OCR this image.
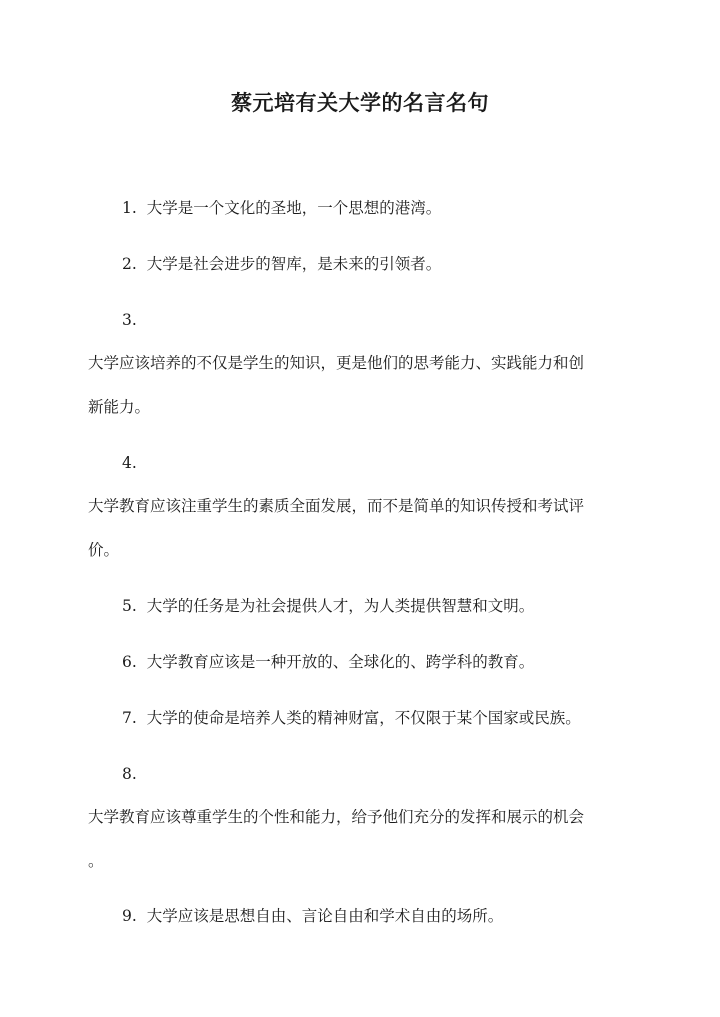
蔡元培有关大学的名言名句
1. 大学是一个文化的圣地，一个思想的港湾。
2. 大学是社会进步的智库，是未来的引领者。
3.
大学应该培养的不仅是学生的知识，更是他们的思考能力、实践能力和创
新能力。
4.
大学教育应该注重学生的素质全面发展，而不是简单的知识传授和考试评
价。
5. 大学的任务是为社会提供人才，为人类提供智慧和文明。
6. 大学教育应该是一种开放的、全球化的、跨学科的教育。
7. 大学的使命是培养人类的精神财富，不仅限于某个国家或民族。
8.
大学教育应该尊重学生的个性和能力，给予他们充分的发挥和展示的机会
。
9. 大学应该是思想自由、言论自由和学术自由的场所。
